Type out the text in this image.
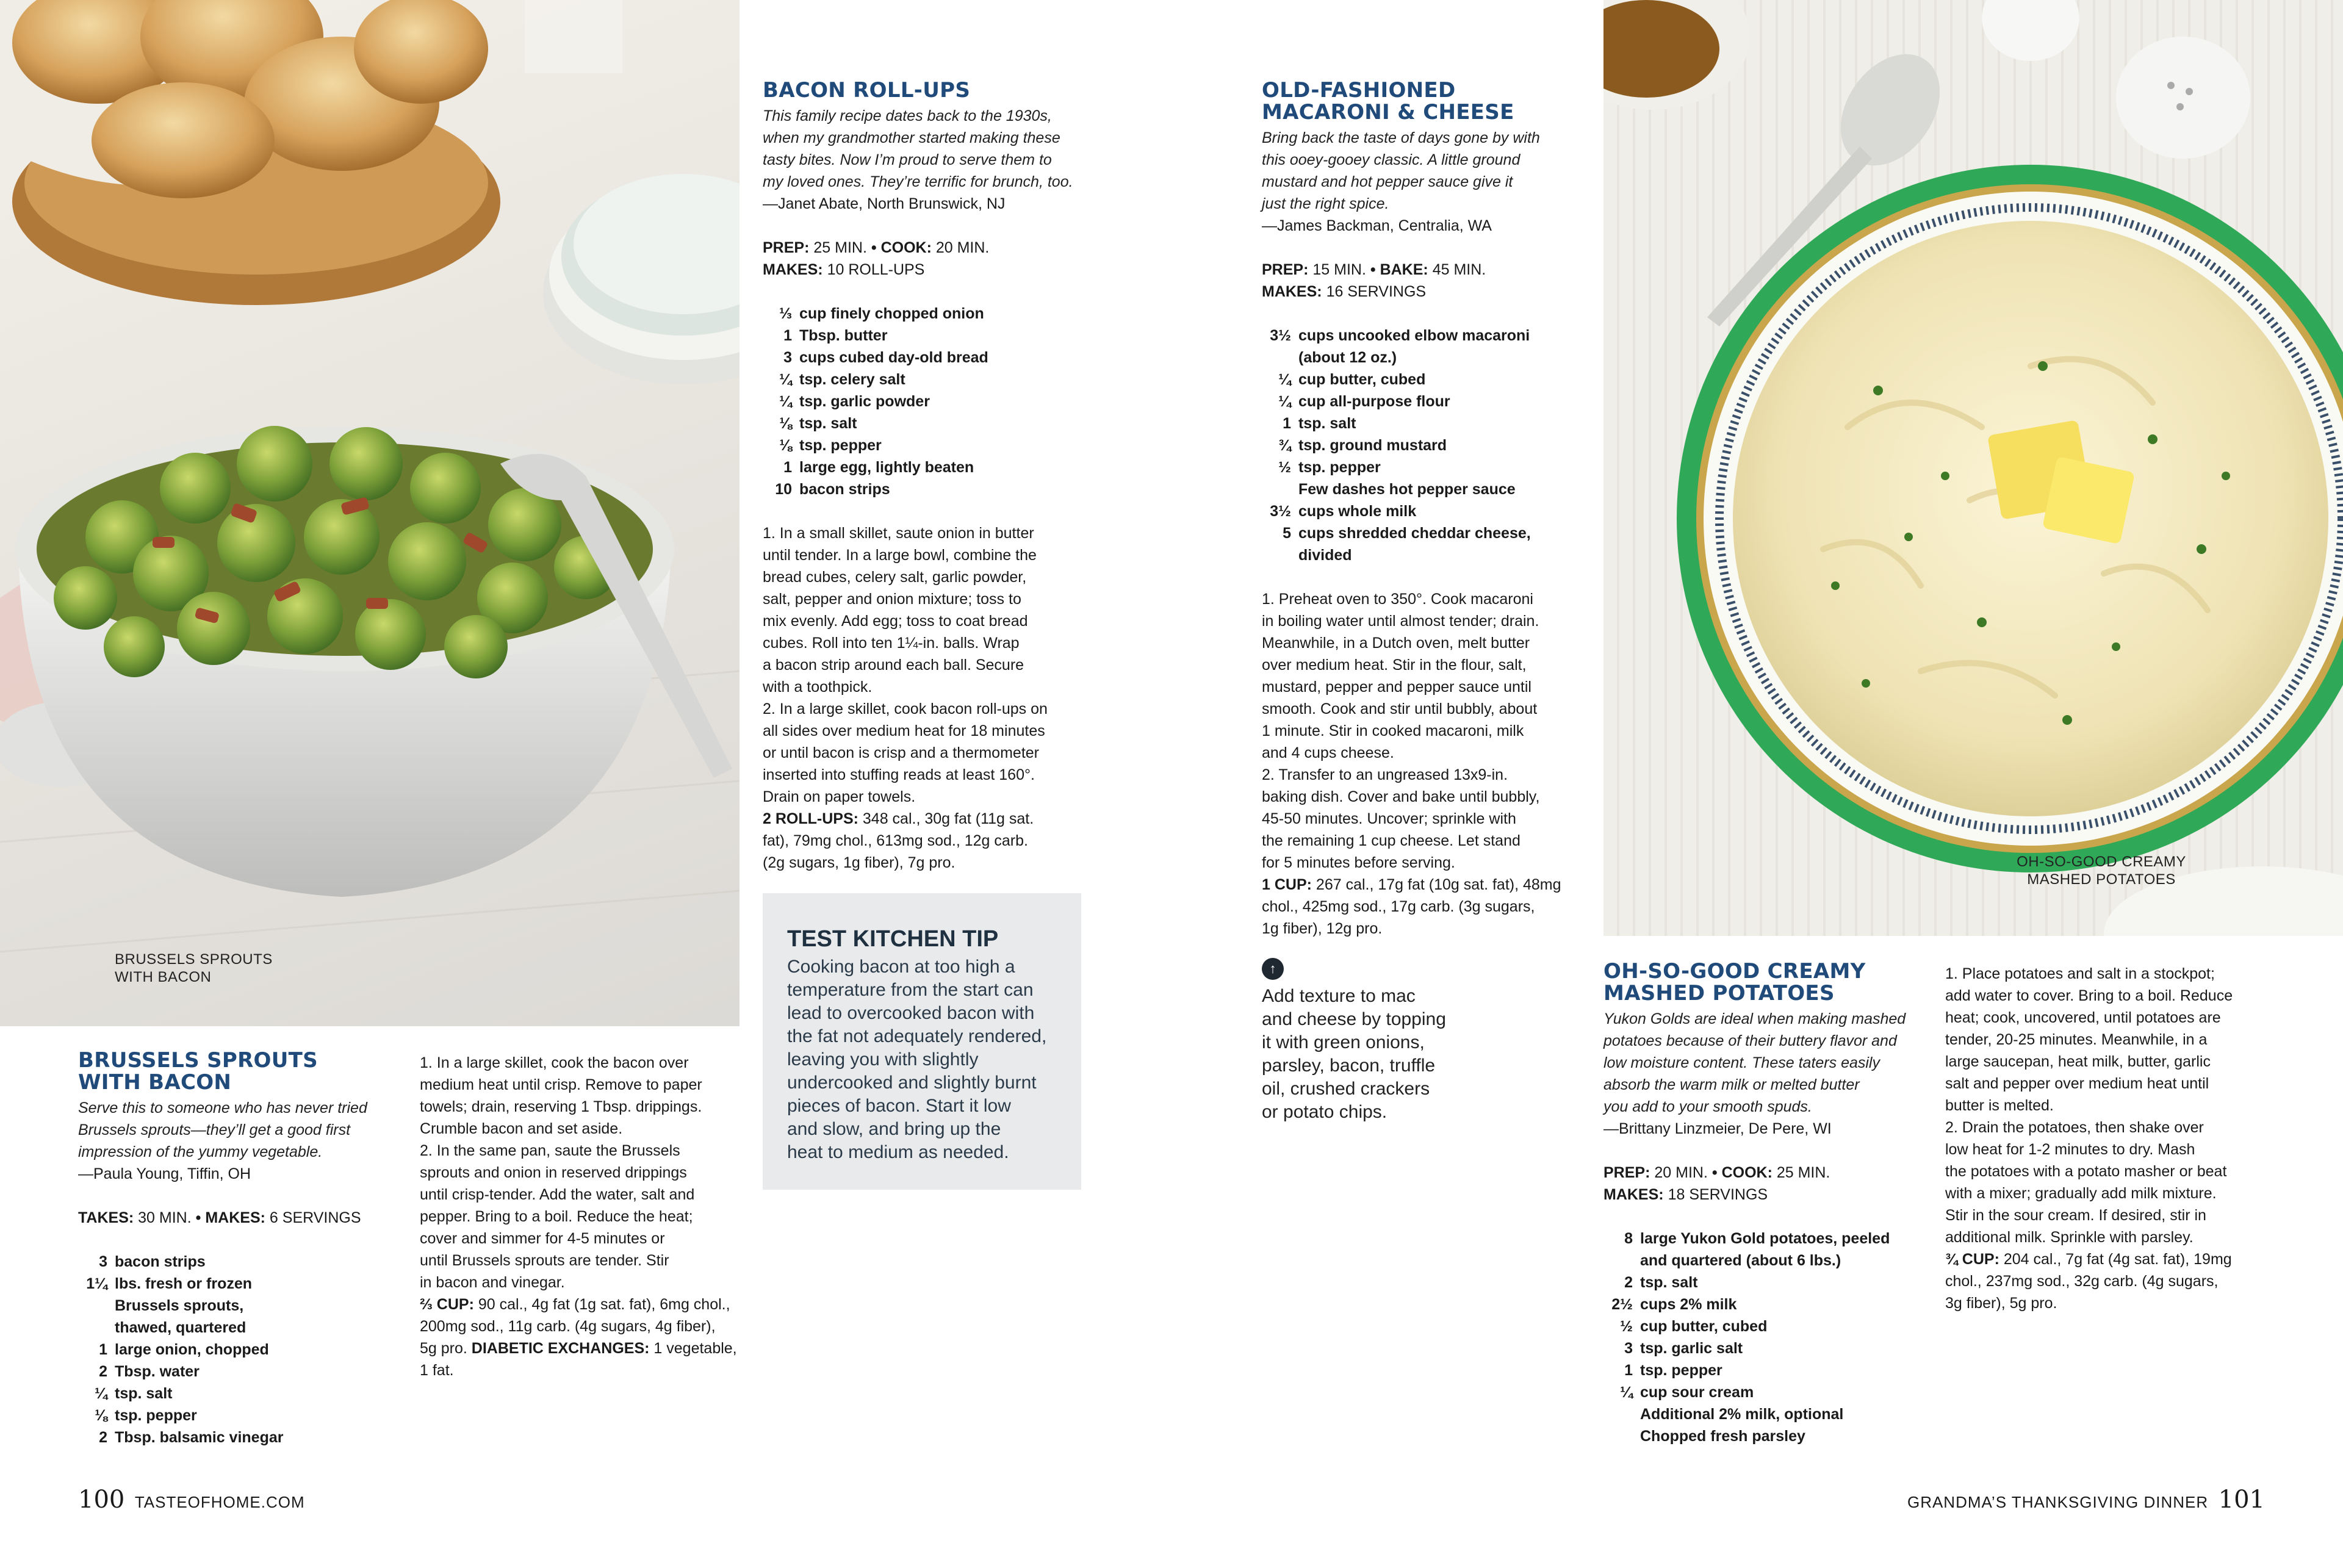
BRUSSELS SPROUTS
WITH BACON
OH-SO-GOOD CREAMY
MASHED POTATOES
BRUSSELS SPROUTS
WITH BACON
Serve this to someone who has never tried
Brussels sprouts—they’ll get a good first
impression of the yummy vegetable.
—Paula Young, Tiffin, OH
TAKES: 30 MIN. • MAKES: 6 SERVINGS
3 bacon strips
1¼ lbs. fresh or frozen
Brussels sprouts,
thawed, quartered
1 large onion, chopped
2 Tbsp. water
¼ tsp. salt
⅛ tsp. pepper
2 Tbsp. balsamic vinegar

1. In a large skillet, cook the bacon over

medium heat until crisp. Remove to paper

towels; drain, reserving 1 Tbsp. drippings.

Crumble bacon and set aside.

2. In the same pan, saute the Brussels

sprouts and onion in reserved drippings

until crisp-tender. Add the water, salt and

pepper. Bring to a boil. Reduce the heat;

cover and simmer for 4-5 minutes or

until Brussels sprouts are tender. Stir

in bacon and vinegar.

⅔ CUP: 90 cal., 4g fat (1g sat. fat), 6mg chol.,

200mg sod., 11g carb. (4g sugars, 4g fiber),

5g pro. DIABETIC EXCHANGES: 1 vegetable,

1 fat.

BACON ROLL-UPS
This family recipe dates back to the 1930s,
when my grandmother started making these
tasty bites. Now I’m proud to serve them to
my loved ones. They’re terrific for brunch, too.
—Janet Abate, North Brunswick, NJ
PREP: 25 MIN. • COOK: 20 MIN.
MAKES: 10 ROLL-UPS
⅓ cup finely chopped onion
1 Tbsp. butter
3 cups cubed day-old bread
¼ tsp. celery salt
¼ tsp. garlic powder
⅛ tsp. salt
⅛ tsp. pepper
1 large egg, lightly beaten
10 bacon strips

1. In a small skillet, saute onion in butter

until tender. In a large bowl, combine the

bread cubes, celery salt, garlic powder,

salt, pepper and onion mixture; toss to

mix evenly. Add egg; toss to coat bread

cubes. Roll into ten 1¼-in. balls. Wrap

a bacon strip around each ball. Secure

with a toothpick.

2. In a large skillet, cook bacon roll-ups on

all sides over medium heat for 18 minutes

or until bacon is crisp and a thermometer

inserted into stuffing reads at least 160°.

Drain on paper towels.

2 ROLL-UPS: 348 cal., 30g fat (11g sat.

fat), 79mg chol., 613mg sod., 12g carb.

(2g sugars, 1g fiber), 7g pro.

TEST KITCHEN TIP
Cooking bacon at too high a
temperature from the start can
lead to overcooked bacon with
the fat not adequately rendered,
leaving you with slightly
undercooked and slightly burnt
pieces of bacon. Start it low
and slow, and bring up the
heat to medium as needed.
OLD-FASHIONED
MACARONI & CHEESE
Bring back the taste of days gone by with
this ooey-gooey classic. A little ground
mustard and hot pepper sauce give it
just the right spice.
—James Backman, Centralia, WA
PREP: 15 MIN. • BAKE: 45 MIN.
MAKES: 16 SERVINGS
3½ cups uncooked elbow macaroni
(about 12 oz.)
¼ cup butter, cubed
¼ cup all-purpose flour
1 tsp. salt
¾ tsp. ground mustard
½ tsp. pepper
Few dashes hot pepper sauce
3½ cups whole milk
5 cups shredded cheddar cheese,
divided

1. Preheat oven to 350°. Cook macaroni

in boiling water until almost tender; drain.

Meanwhile, in a Dutch oven, melt butter

over medium heat. Stir in the flour, salt,

mustard, pepper and pepper sauce until

smooth. Cook and stir until bubbly, about

1 minute. Stir in cooked macaroni, milk

and 4 cups cheese.

2. Transfer to an ungreased 13x9-in.

baking dish. Cover and bake until bubbly,

45-50 minutes. Uncover; sprinkle with

the remaining 1 cup cheese. Let stand

for 5 minutes before serving.

1 CUP: 267 cal., 17g fat (10g sat. fat), 48mg

chol., 425mg sod., 17g carb. (3g sugars,

1g fiber), 12g pro.

↑
Add texture to mac
and cheese by topping
it with green onions,
parsley, bacon, truffle
oil, crushed crackers
or potato chips.
OH-SO-GOOD CREAMY
MASHED POTATOES
Yukon Golds are ideal when making mashed
potatoes because of their buttery flavor and
low moisture content. These taters easily
absorb the warm milk or melted butter
you add to your smooth spuds.
—Brittany Linzmeier, De Pere, WI
PREP: 20 MIN. • COOK: 25 MIN.
MAKES: 18 SERVINGS
8 large Yukon Gold potatoes, peeled
and quartered (about 6 lbs.)
2 tsp. salt
2½ cups 2% milk
½ cup butter, cubed
3 tsp. garlic salt
1 tsp. pepper
¼ cup sour cream
Additional 2% milk, optional
Chopped fresh parsley

1. Place potatoes and salt in a stockpot;

add water to cover. Bring to a boil. Reduce

heat; cook, uncovered, until potatoes are

tender, 20-25 minutes. Meanwhile, in a

large saucepan, heat milk, butter, garlic

salt and pepper over medium heat until

butter is melted.

2. Drain the potatoes, then shake over

low heat for 1-2 minutes to dry. Mash

the potatoes with a potato masher or beat

with a mixer; gradually add milk mixture.

Stir in the sour cream. If desired, stir in

additional milk. Sprinkle with parsley.

¾ CUP: 204 cal., 7g fat (4g sat. fat), 19mg

chol., 237mg sod., 32g carb. (4g sugars,

3g fiber), 5g pro.

100 TASTEOFHOME.COM	GRANDMA’S THANKSGIVING DINNER 101
